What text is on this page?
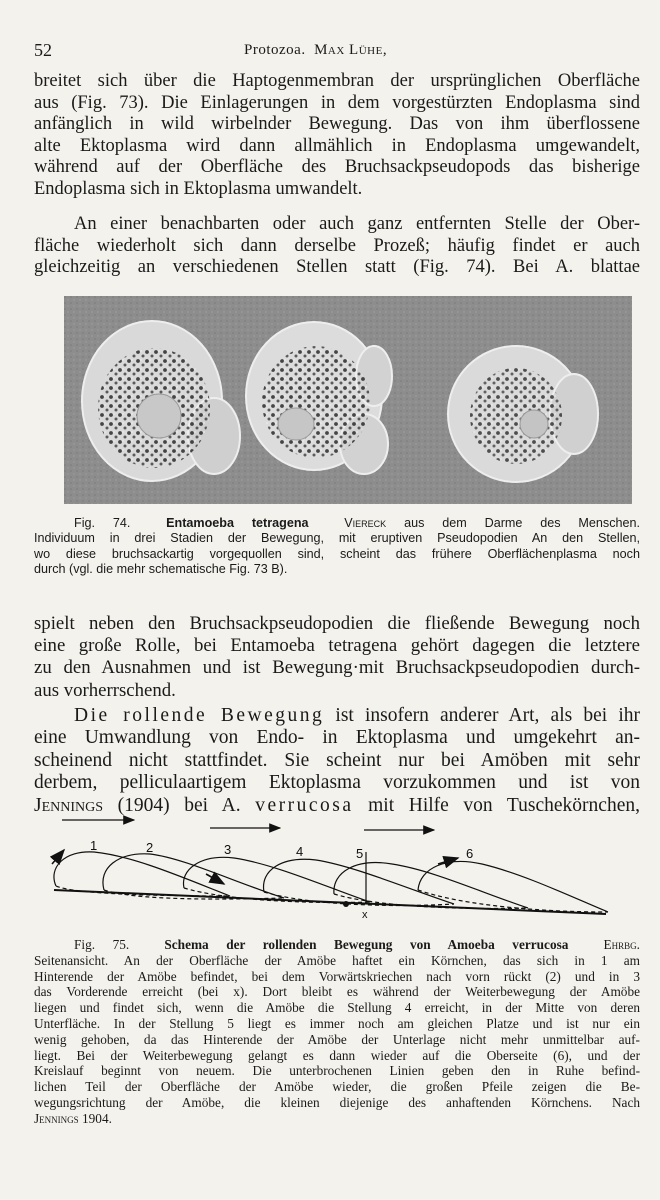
52	Protozoa. Max Lühe,

breitet sich über die Haptogenmembran der ursprünglichen Oberfläche
aus (Fig. 73). Die Einlagerungen in dem vorgestürzten Endoplasma sind
anfänglich in wild wirbelnder Bewegung. Das von ihm überflossene
alte Ektoplasma wird dann allmählich in Endoplasma umgewandelt,
während auf der Oberfläche des Bruchsackpseudopods das bisherige
Endoplasma sich in Ektoplasma umwandelt.

An einer benachbarten oder auch ganz entfernten Stelle der Ober-
fläche wiederholt sich dann derselbe Prozeß; häufig findet er auch
gleichzeitig an verschiedenen Stellen statt (Fig. 74). Bei A. blattae

Fig. 74.	Entamoeba tetragena	Viereck aus dem Darme des Menschen.
Individuum in drei Stadien der Bewegung, mit eruptiven Pseudopodien An den Stellen,
wo diese bruchsackartig vorgequollen sind, scheint das frühere Oberflächenplasma noch
durch (vgl. die mehr schematische Fig. 73 B).

spielt neben den Bruchsackpseudopodien die fließende Bewegung noch
eine große Rolle, bei Entamoeba tetragena gehört dagegen die letztere
zu den Ausnahmen und ist Bewegung·mit Bruchsackpseudopodien durch-
aus vorherrschend.

Die rollende Bewegung ist insofern anderer Art, als bei ihr
eine Umwandlung von Endo- in Ektoplasma und umgekehrt an-
scheinend nicht stattfindet. Sie scheint nur bei Amöben mit sehr
derbem, pelliculaartigem Ektoplasma vorzukommen und ist von
Jennings (1904) bei A. verrucosa mit Hilfe von Tuschekörnchen,

1	2	3	4	5	6
x

Fig. 75.	Schema der rollenden Bewegung von Amoeba verrucosa	Ehrbg.
Seitenansicht. An der Oberfläche der Amöbe haftet ein Körnchen, das sich in 1 am
Hinterende der Amöbe befindet, bei dem Vorwärtskriechen nach vorn rückt (2) und in 3
das Vorderende erreicht (bei x). Dort bleibt es während der Weiterbewegung der Amöbe
liegen und findet sich, wenn die Amöbe die Stellung 4 erreicht, in der Mitte von deren
Unterfläche. In der Stellung 5 liegt es immer noch am gleichen Platze und ist nur ein
wenig gehoben, da das Hinterende der Amöbe der Unterlage nicht mehr unmittelbar auf-
liegt. Bei der Weiterbewegung gelangt es dann wieder auf die Oberseite (6), und der
Kreislauf beginnt von neuem. Die unterbrochenen Linien geben den in Ruhe befind-
lichen Teil der Oberfläche der Amöbe wieder, die großen Pfeile zeigen die Be-
wegungsrichtung der Amöbe, die kleinen diejenige des anhaftenden Körnchens. Nach
Jennings 1904.
